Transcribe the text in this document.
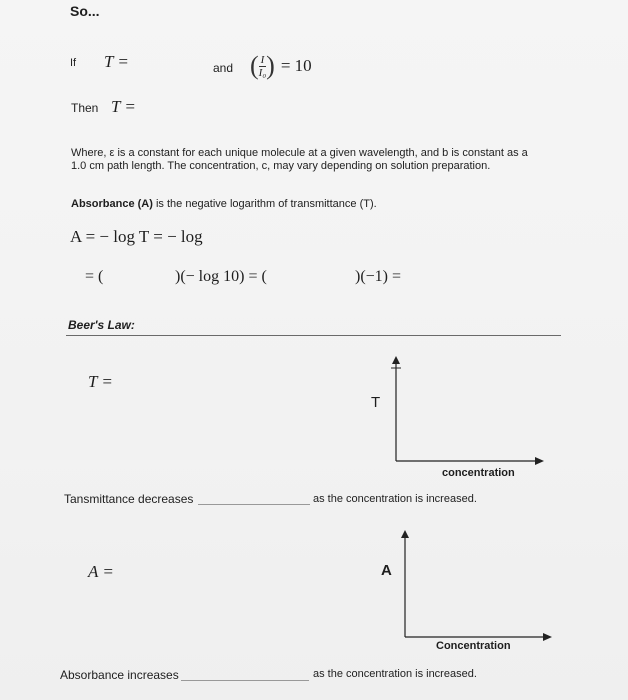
So...
If T =	and ( $\frac{I}{\text{I₀}}$ ) = 10
Then T =
Where, ε is a constant for each unique molecule at a given wavelength, and b is constant as a
1.0 cm path length. The concentration, c, may vary depending on solution preparation.
Absorbance (A) is the negative logarithm of transmittance (T).
A = − log T = − log
= (	)(− log 10) = (	)(−1) =
Beer's Law:
T =
T
concentration
Tansmittance decreases	as the concentration is increased.
A =	A
Concentration
Absorbance increases	as the concentration is increased.
